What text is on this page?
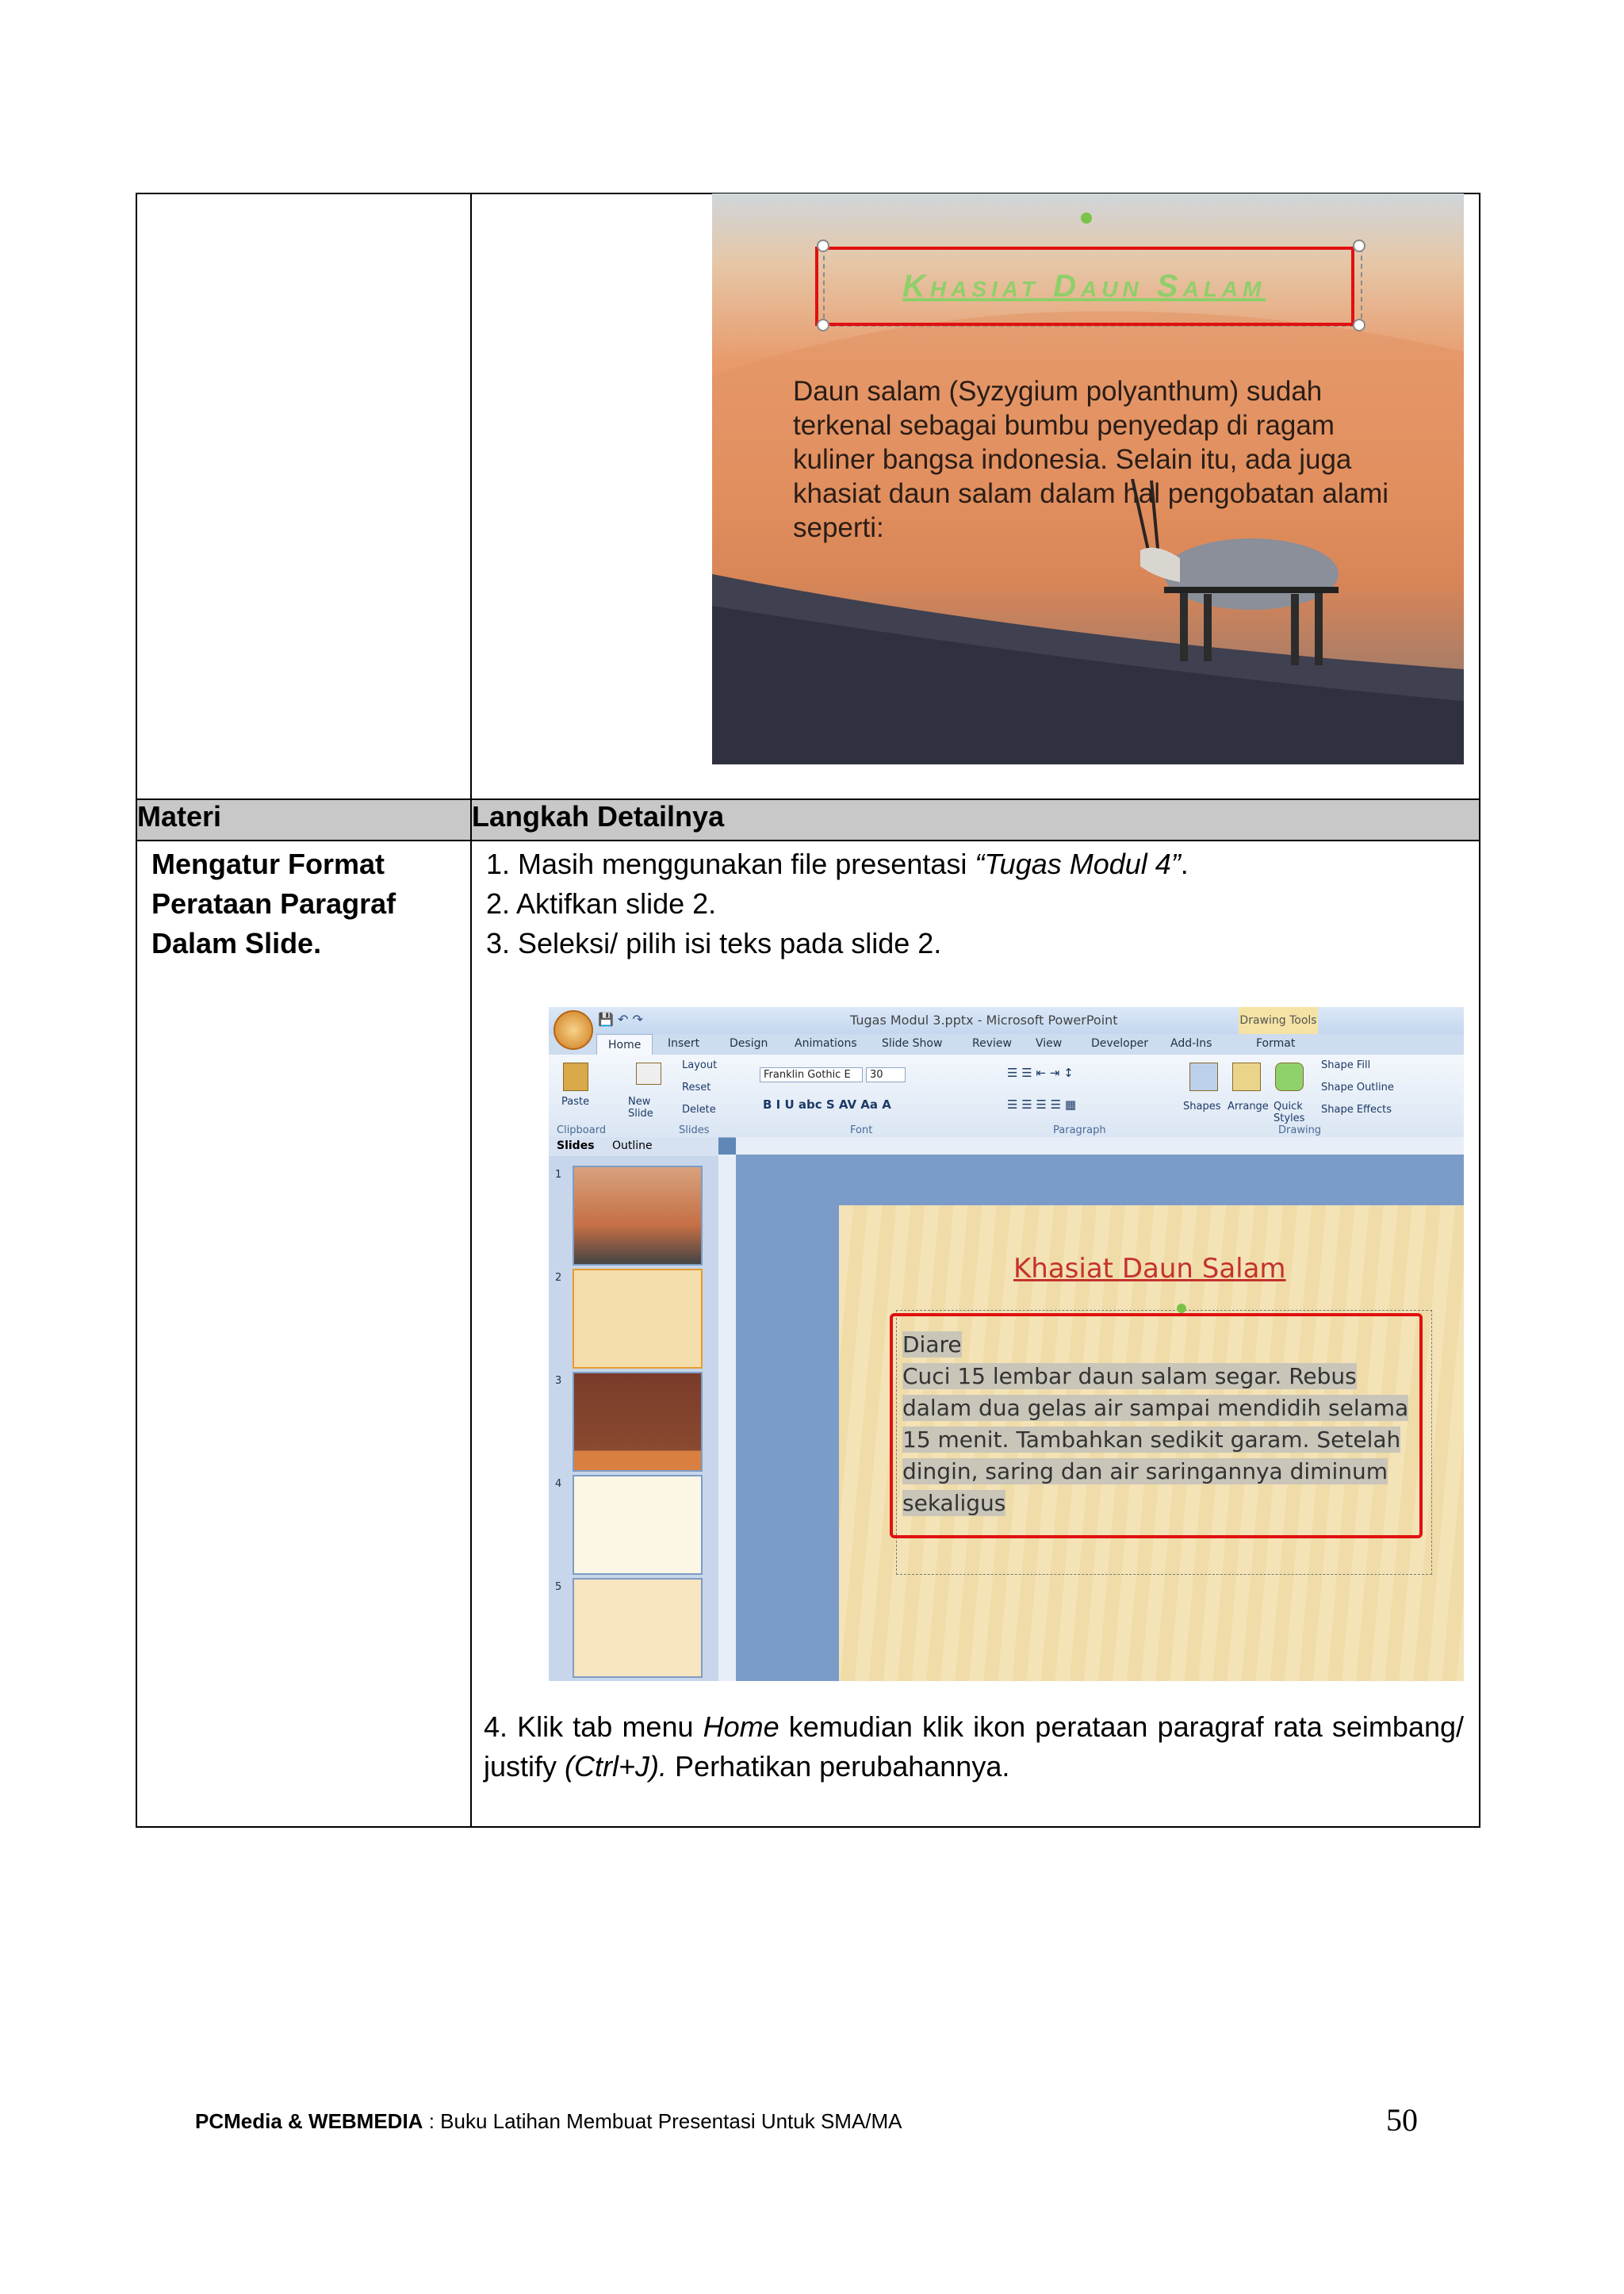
Materi	Langkah Detailnya

Mengatur Format Perataan Paragraf Dalam Slide.	1. Masih menggunakan file presentasi “Tugas Modul 4”.

2. Aktifkan slide 2.

3. Seleksi/ pilih isi teks pada slide 2.

4. Klik tab menu Home kemudian klik ikon perataan paragraf rata seimbang/ justify (Ctrl+J). Perhatikan perubahannya.
Khasiat Daun Salam
Daun salam (Syzygium polyanthum) sudah terkenal sebagai bumbu penyedap di ragam kuliner bangsa indonesia. Selain itu, ada juga khasiat daun salam dalam hal pengobatan alami seperti:
Tugas Modul 3.pptx - Microsoft PowerPoint	Drawing Tools
💾 ↶ ↷
Home	Insert	Design Animations Slide Show	Review View	Developer Add-Ins	Format
Paste	New Slide
Layout
Reset
Delete
Franklin Gothic E	30
B I U abc S AV Aa A
☰ ☰ ⇤ ⇥ ↕
☰ ☰ ☰ ☰ ▦	Shapes Arrange Quick Styles
Shape Fill
Shape Outline
Shape Effects
Clipboard	Slides	Font	Paragraph	Drawing
Slides Outline
1
2
3
4
5
Khasiat Daun Salam
Diare
Cuci 15 lembar daun salam segar. Rebus dalam dua gelas air sampai mendidih selama 15 menit. Tambahkan sedikit garam. Setelah dingin, saring dan air saringannya diminum sekaligus
PCMedia & WEBMEDIA : Buku Latihan Membuat Presentasi Untuk SMA/MA	50
